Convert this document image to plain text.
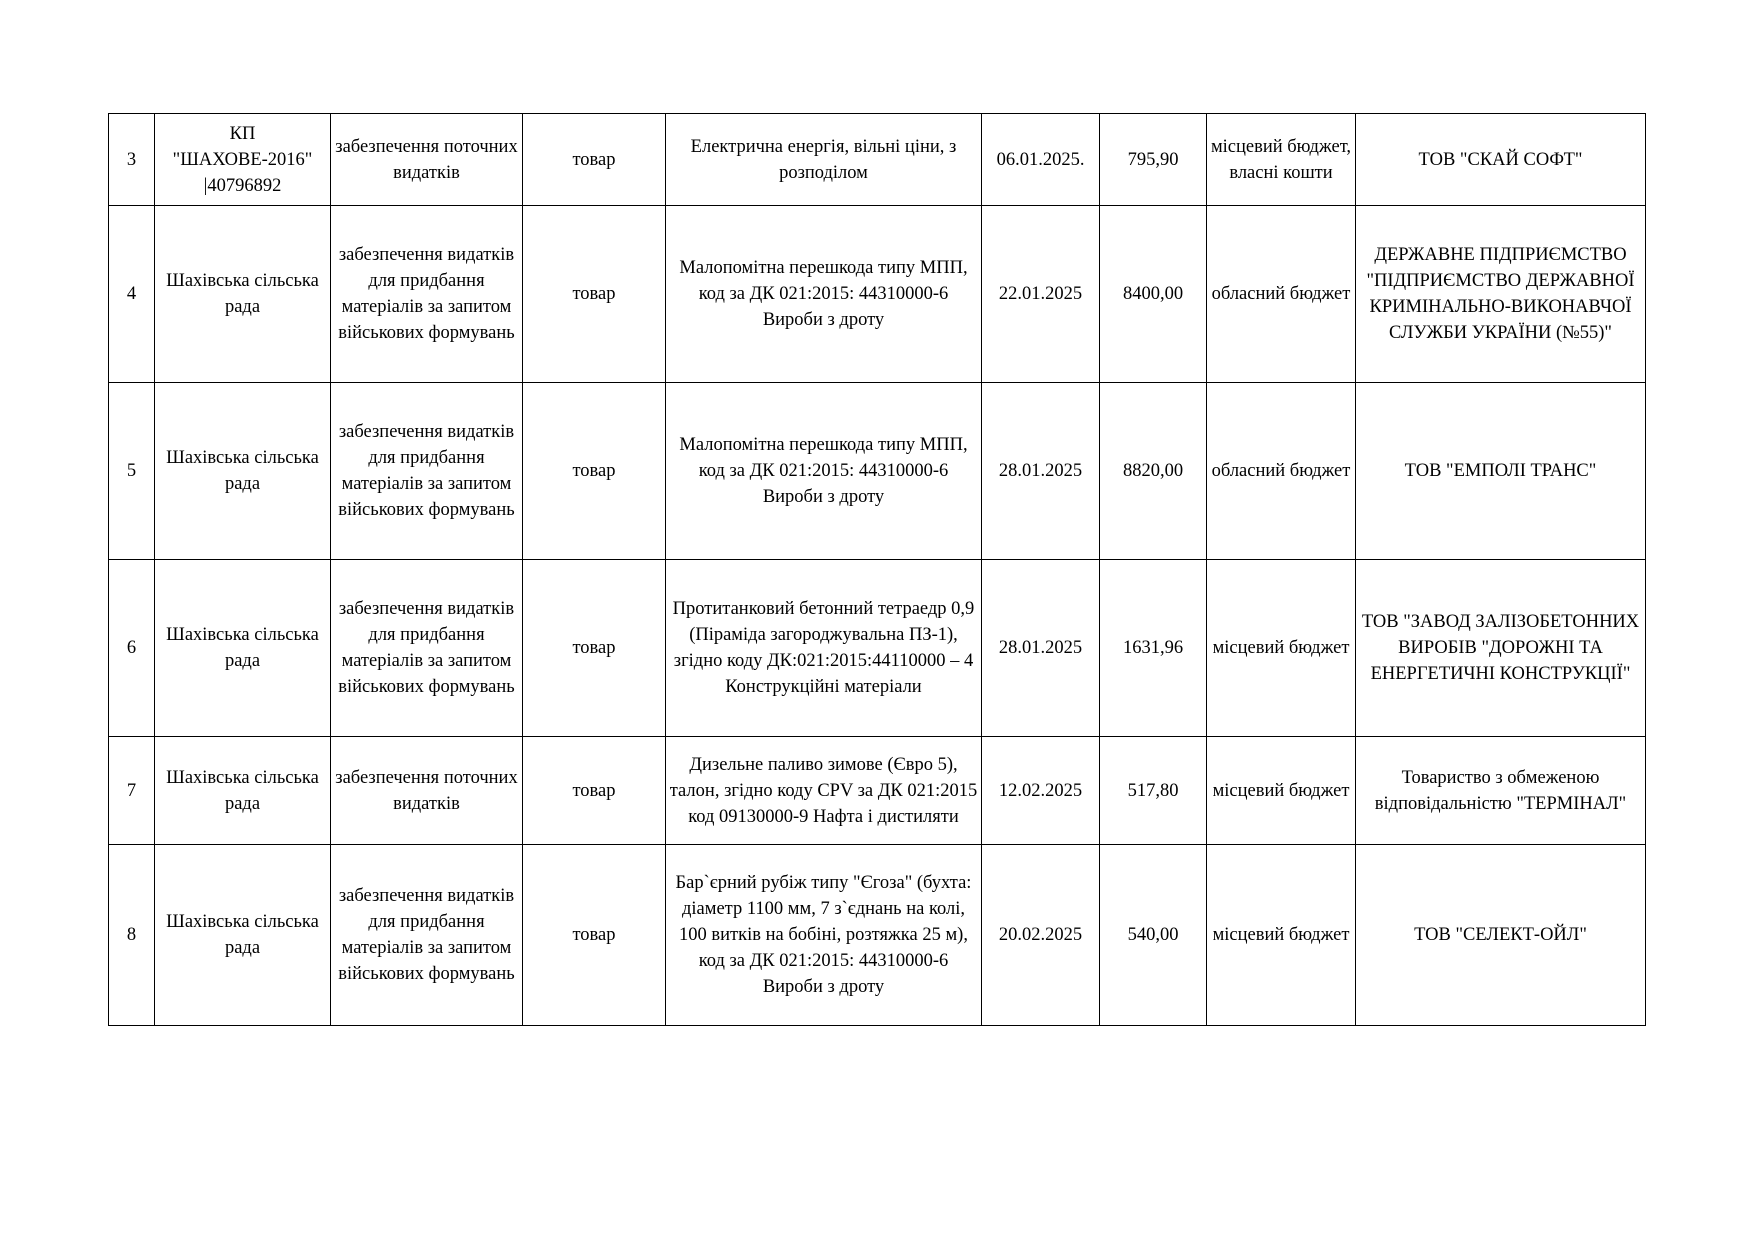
3	КП "ШАХОВЕ-2016" |40796892	забезпечення поточних видатків	товар	Електрична енергія, вільні ціни, з розподілом	06.01.2025.	795,90	місцевий бюджет, власні кошти	ТОВ "СКАЙ СОФТ"
4	Шахівська сільська рада	забезпечення видатків для придбання матеріалів за запитом військових формувань	товар	Малопомітна перешкода типу МПП, код за ДК 021:2015: 44310000-6 Вироби з дроту	22.01.2025	8400,00	обласний бюджет	ДЕРЖАВНЕ ПІДПРИЄМСТВО "ПІДПРИЄМСТВО ДЕРЖАВНОЇ КРИМІНАЛЬНО-ВИКОНАВЧОЇ СЛУЖБИ УКРАЇНИ (№55)"
5	Шахівська сільська рада	забезпечення видатків для придбання матеріалів за запитом військових формувань	товар	Малопомітна перешкода типу МПП, код за ДК 021:2015: 44310000-6 Вироби з дроту	28.01.2025	8820,00	обласний бюджет	ТОВ "ЕМПОЛІ ТРАНС"
6	Шахівська сільська рада	забезпечення видатків для придбання матеріалів за запитом військових формувань	товар	Протитанковий бетонний тетраедр 0,9 (Піраміда загороджувальна ПЗ-1), згідно коду ДК:021:2015:44110000 – 4 Конструкційні матеріали	28.01.2025	1631,96	місцевий бюджет	ТОВ "ЗАВОД ЗАЛІЗОБЕТОННИХ ВИРОБІВ "ДОРОЖНІ ТА ЕНЕРГЕТИЧНІ КОНСТРУКЦІЇ"
7	Шахівська сільська рада	забезпечення поточних видатків	товар	Дизельне паливо зимове (Євро 5), талон, згідно коду CPV за ДК 021:2015 код 09130000-9 Нафта і дистиляти	12.02.2025	517,80	місцевий бюджет	Товариство з обмеженою відповідальністю "ТЕРМІНАЛ"
8	Шахівська сільська рада	забезпечення видатків для придбання матеріалів за запитом військових формувань	товар	Бар`єрний рубіж типу "Єгоза" (бухта: діаметр 1100 мм, 7 з`єднань на колі, 100 витків на бобіні, розтяжка 25 м), код за ДК 021:2015: 44310000-6 Вироби з дроту	20.02.2025	540,00	місцевий бюджет	ТОВ "СЕЛЕКТ-ОЙЛ"
